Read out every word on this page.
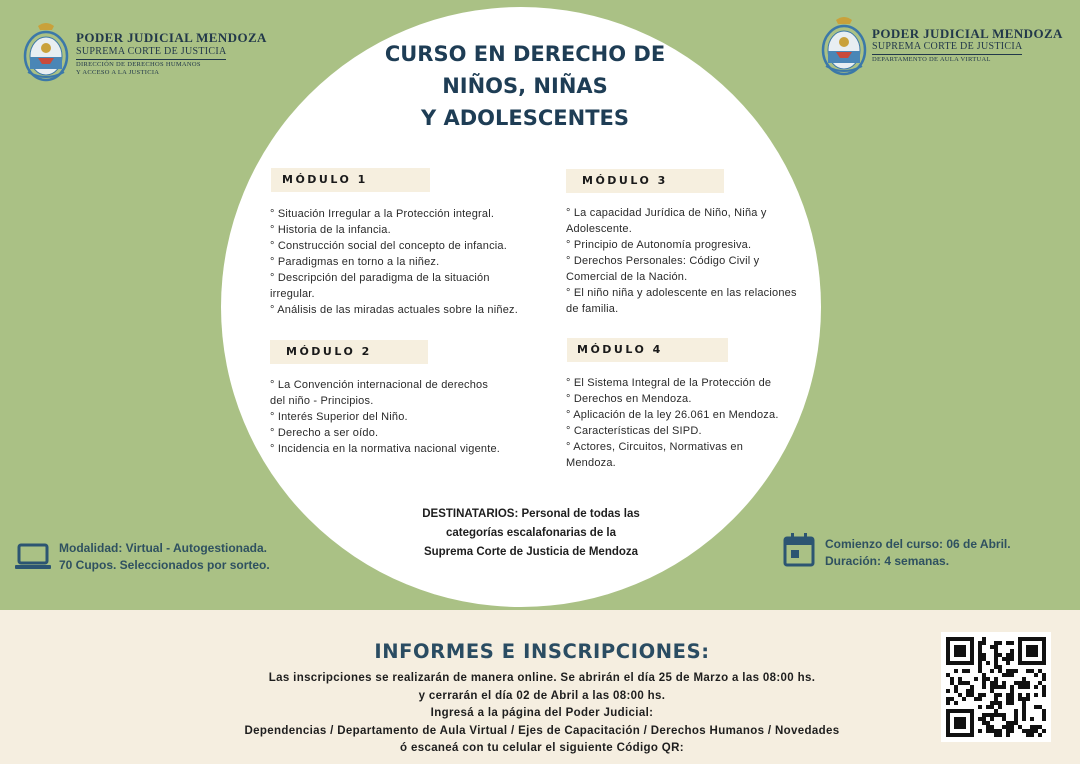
PODER JUDICIAL MENDOZA
SUPREMA CORTE DE JUSTICIA
DIRECCIÓN DE DERECHOS HUMANOS
Y ACCESO A LA JUSTICIA
PODER JUDICIAL MENDOZA
SUPREMA CORTE DE JUSTICIA
DEPARTAMENTO DE AULA VIRTUAL
CURSO EN DERECHO DE
NIÑOS, NIÑAS
Y ADOLESCENTES
MÓDULO 1
° Situación Irregular a la Protección integral.
° Historia de la infancia.
° Construcción social del concepto de infancia.
° Paradigmas en torno a la niñez.
° Descripción del paradigma de la situación
irregular.
° Análisis de las miradas actuales sobre la niñez.
MÓDULO 2
° La Convención internacional de derechos
del niño - Principios.
° Interés Superior del Niño.
° Derecho a ser oído.
° Incidencia en la normativa nacional vigente.
MÓDULO 3
° La capacidad Jurídica de Niño, Niña y
Adolescente.
° Principio de Autonomía progresiva.
° Derechos Personales: Código Civil y
Comercial de la Nación.
° El niño niña y adolescente en las relaciones
de familia.
MÓDULO 4
° El Sistema Integral de la Protección de
° Derechos en Mendoza.
° Aplicación de la ley 26.061 en Mendoza.
° Características del SIPD.
° Actores, Circuitos, Normativas en
Mendoza.
DESTINATARIOS: Personal de todas las
categorías escalafonarias de la
Suprema Corte de Justicia de Mendoza
Modalidad: Virtual - Autogestionada.
70 Cupos. Seleccionados por sorteo.
Comienzo del curso: 06 de Abril.
Duración: 4 semanas.
INFORMES E INSCRIPCIONES:
Las inscripciones se realizarán de manera online. Se abrirán el día 25 de Marzo a las 08:00 hs.
y cerrarán el día 02 de Abril a las 08:00 hs.
Ingresá a la página del Poder Judicial:
Dependencias / Departamento de Aula Virtual / Ejes de Capacitación / Derechos Humanos / Novedades
ó escaneá con tu celular el siguiente Código QR:
